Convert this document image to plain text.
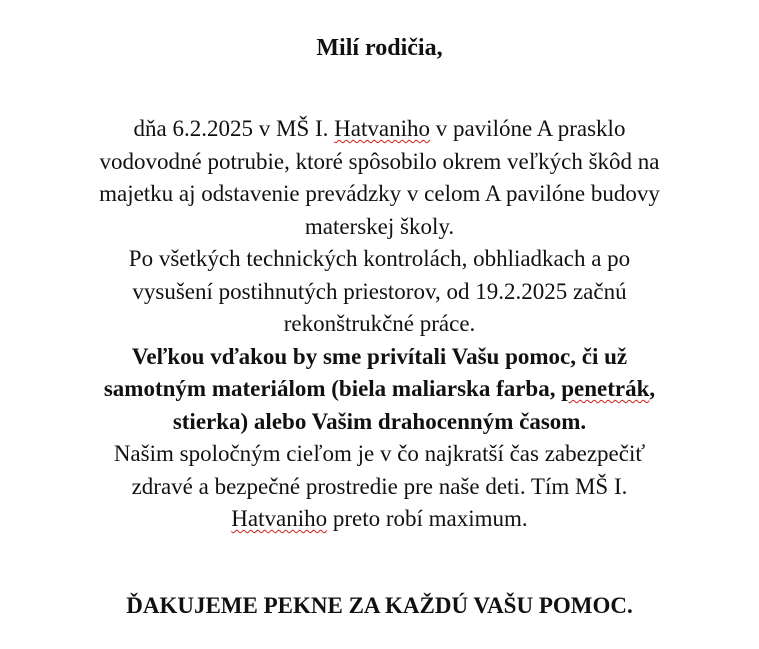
Milí rodičia,
dňa 6.2.2025 v MŠ I. Hatvaniho v pavilóne A prasklo
vodovodné potrubie, ktoré spôsobilo okrem veľkých škôd na
majetku aj odstavenie prevádzky v celom A pavilóne budovy
materskej školy.
Po všetkých technických kontrolách, obhliadkach a po
vysušení postihnutých priestorov, od 19.2.2025 začnú
rekonštrukčné práce.
Veľkou vďakou by sme privítali Vašu pomoc, či už
samotným materiálom (biela maliarska farba, penetrák,
stierka) alebo Vašim drahocenným časom.
Našim spoločným cieľom je v čo najkratší čas zabezpečiť
zdravé a bezpečné prostredie pre naše deti. Tím MŠ I.
Hatvaniho preto robí maximum.
ĎAKUJEME PEKNE ZA KAŽDÚ VAŠU POMOC.
